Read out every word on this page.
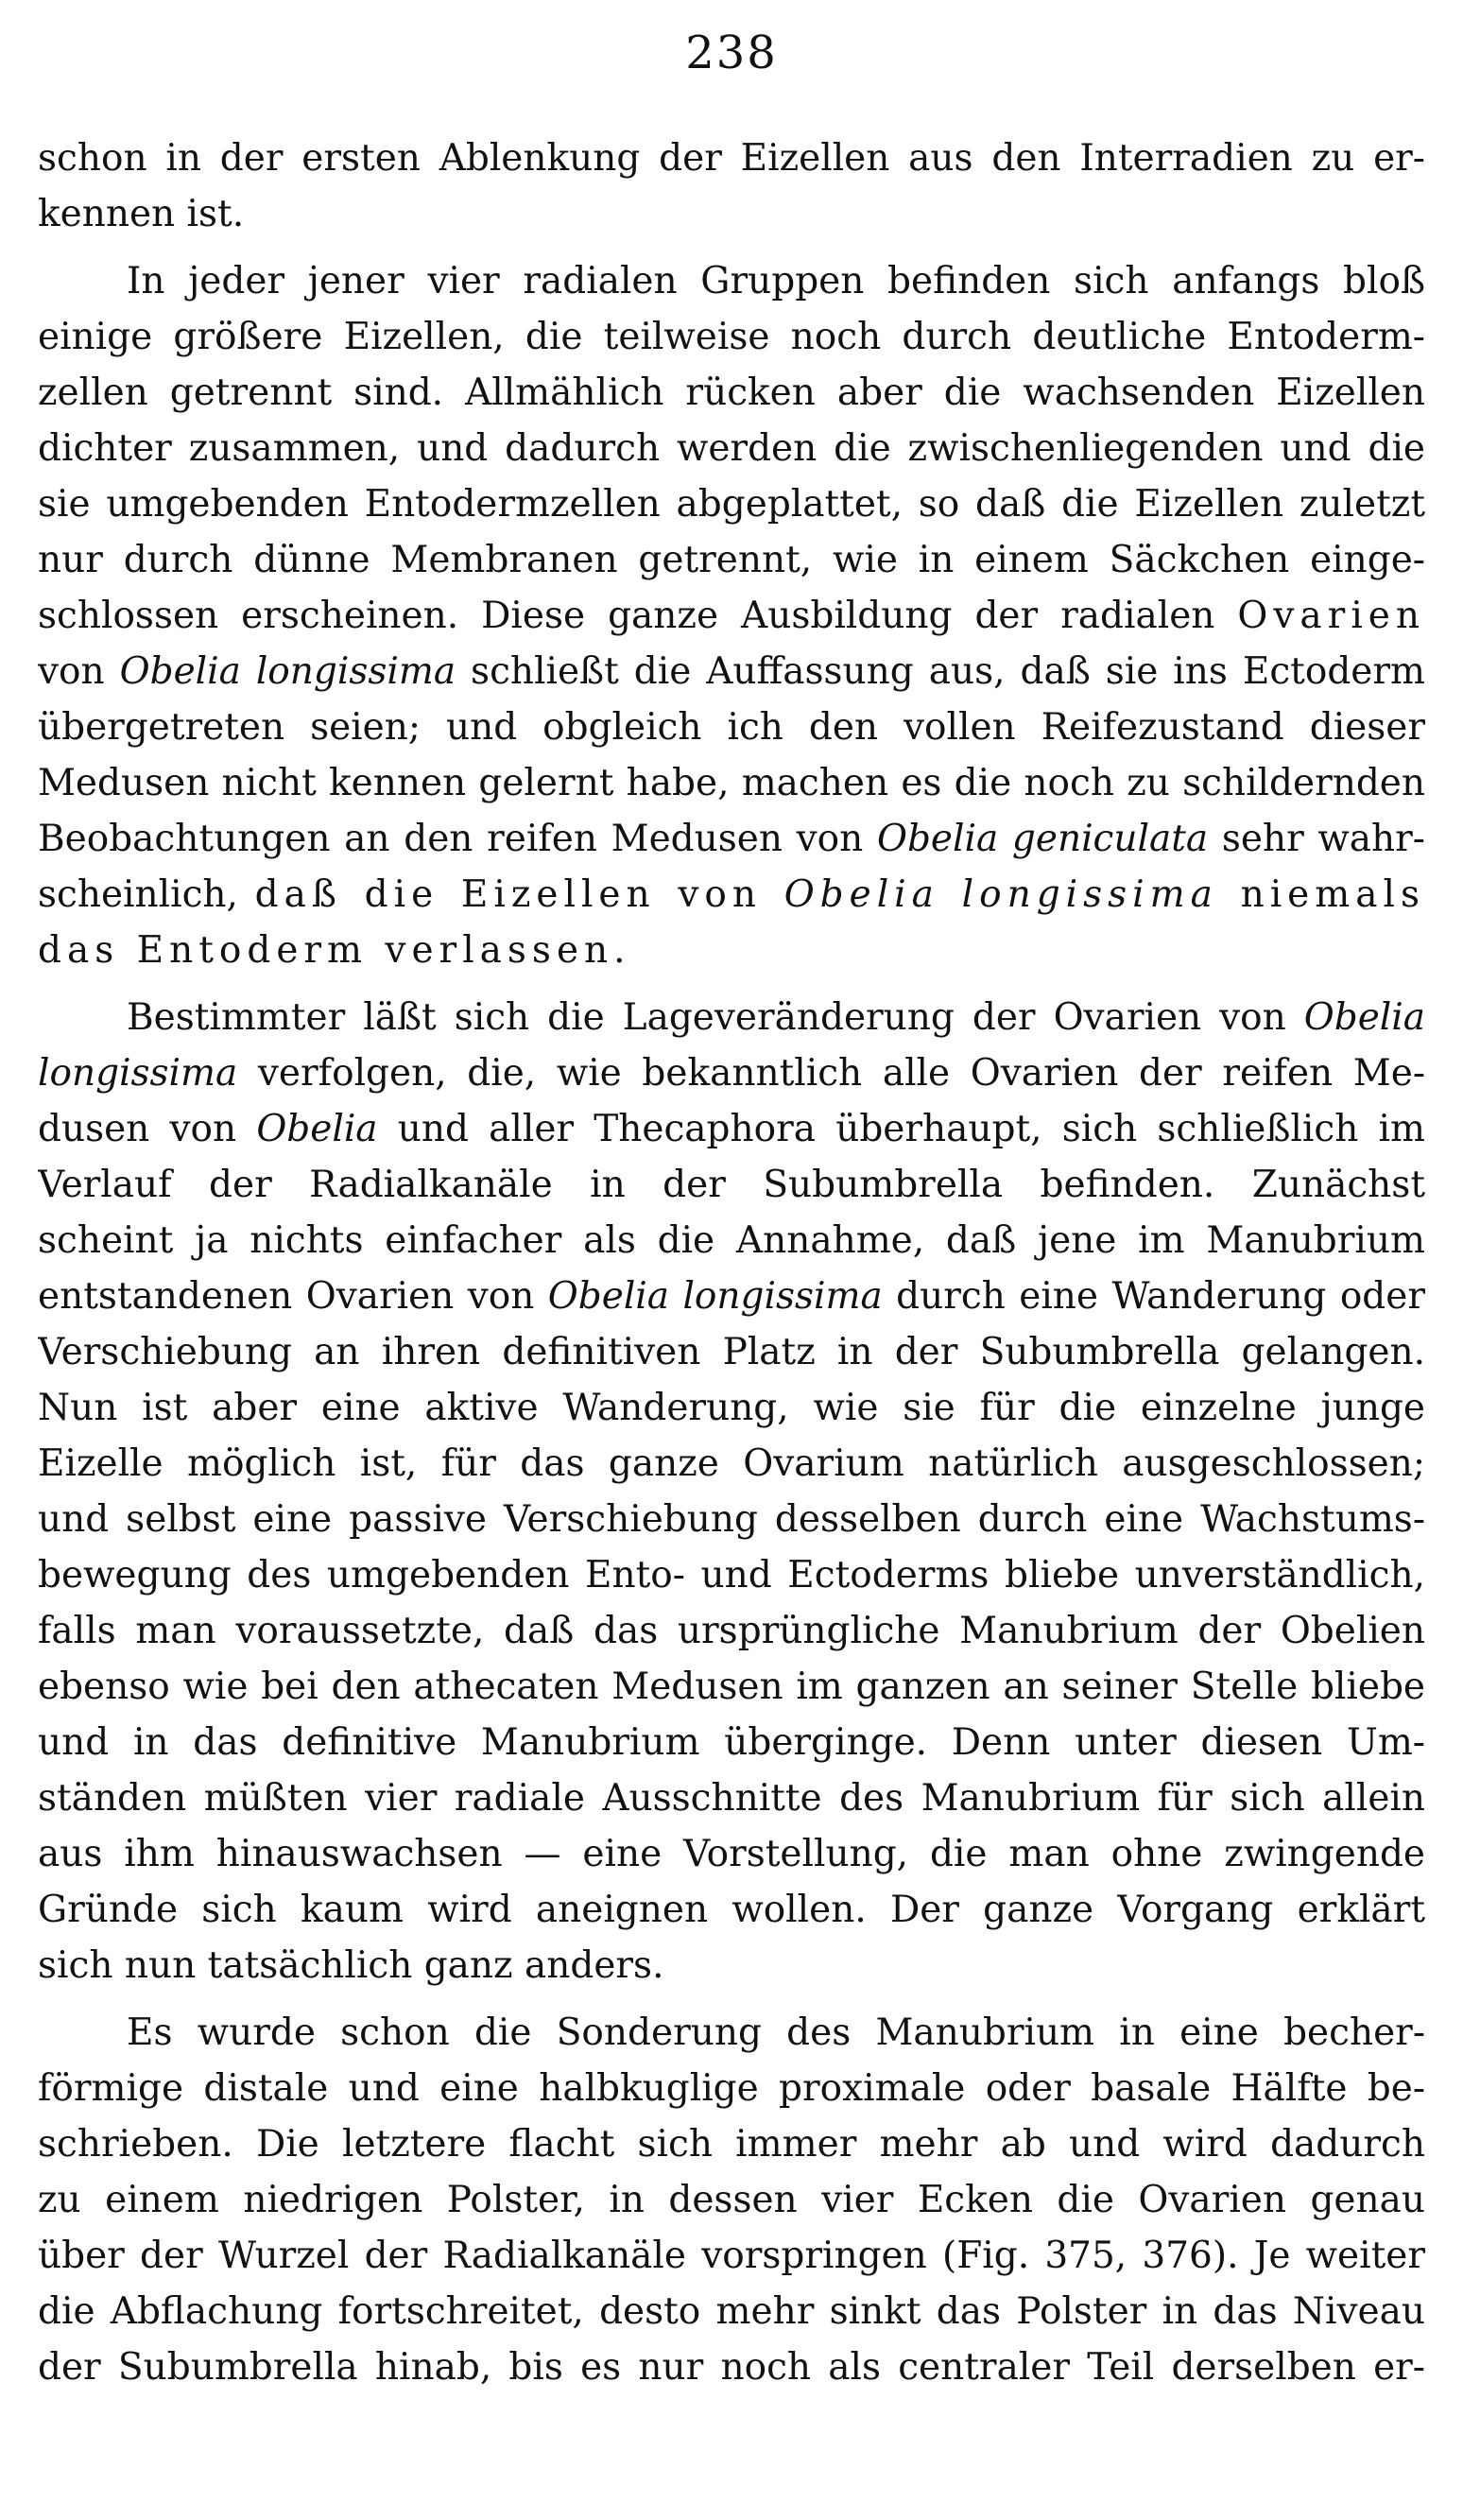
238
schon in der ersten Ablenkung der Eizellen aus den Interradien zu er-
kennen ist.
In jeder jener vier radialen Gruppen befinden sich anfangs bloß
einige größere Eizellen, die teilweise noch durch deutliche Entoderm-
zellen getrennt sind. Allmählich rücken aber die wachsenden Eizellen
dichter zusammen, und dadurch werden die zwischenliegenden und die
sie umgebenden Entodermzellen abgeplattet, so daß die Eizellen zuletzt
nur durch dünne Membranen getrennt, wie in einem Säckchen einge-
schlossen erscheinen. Diese ganze Ausbildung der radialen Ovarien
von Obelia longissima schließt die Auffassung aus, daß sie ins Ectoderm
übergetreten seien; und obgleich ich den vollen Reifezustand dieser
Medusen nicht kennen gelernt habe, machen es die noch zu schildernden
Beobachtungen an den reifen Medusen von Obelia geniculata sehr wahr-
scheinlich, daß die Eizellen von Obelia longissima niemals
das Entoderm verlassen.
Bestimmter läßt sich die Lageveränderung der Ovarien von Obelia
longissima verfolgen, die, wie bekanntlich alle Ovarien der reifen Me-
dusen von Obelia und aller Thecaphora überhaupt, sich schließlich im
Verlauf der Radialkanäle in der Subumbrella befinden. Zunächst
scheint ja nichts einfacher als die Annahme, daß jene im Manubrium
entstandenen Ovarien von Obelia longissima durch eine Wanderung oder
Verschiebung an ihren definitiven Platz in der Subumbrella gelangen.
Nun ist aber eine aktive Wanderung, wie sie für die einzelne junge
Eizelle möglich ist, für das ganze Ovarium natürlich ausgeschlossen;
und selbst eine passive Verschiebung desselben durch eine Wachstums-
bewegung des umgebenden Ento- und Ectoderms bliebe unverständlich,
falls man voraussetzte, daß das ursprüngliche Manubrium der Obelien
ebenso wie bei den athecaten Medusen im ganzen an seiner Stelle bliebe
und in das definitive Manubrium überginge. Denn unter diesen Um-
ständen müßten vier radiale Ausschnitte des Manubrium für sich allein
aus ihm hinauswachsen — eine Vorstellung, die man ohne zwingende
Gründe sich kaum wird aneignen wollen. Der ganze Vorgang erklärt
sich nun tatsächlich ganz anders.
Es wurde schon die Sonderung des Manubrium in eine becher-
förmige distale und eine halbkuglige proximale oder basale Hälfte be-
schrieben. Die letztere flacht sich immer mehr ab und wird dadurch
zu einem niedrigen Polster, in dessen vier Ecken die Ovarien genau
über der Wurzel der Radialkanäle vorspringen (Fig. 375, 376). Je weiter
die Abflachung fortschreitet, desto mehr sinkt das Polster in das Niveau
der Subumbrella hinab, bis es nur noch als centraler Teil derselben er-
